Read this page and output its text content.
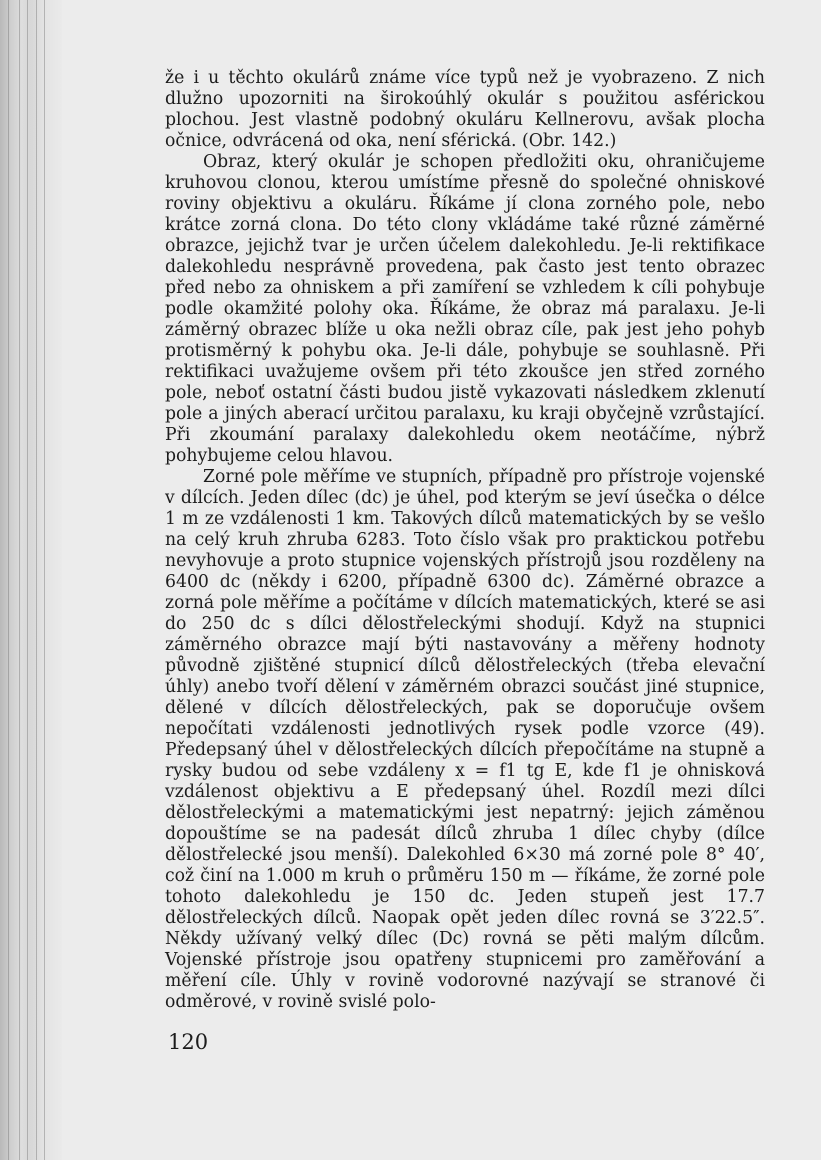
že i u těchto okulárů známe více typů než je vyobrazeno. Z nich dlužno upozorniti na širokoúhlý okulár s použitou asférickou plochou. Jest vlastně podobný okuláru Kellnerovu, avšak plocha očnice, odvrácená od oka, není sférická. (Obr. 142.)

Obraz, který okulár je schopen předložiti oku, ohraničujeme kruhovou clonou, kterou umístíme přesně do společné ohniskové roviny objektivu a okuláru. Říkáme jí clona zorného pole, nebo krátce zorná clona. Do této clony vkládáme také různé záměrné obrazce, jejichž tvar je určen účelem dalekohledu. Je-li rektifikace dalekohledu nesprávně provedena, pak často jest tento obrazec před nebo za ohniskem a při zamíření se vzhledem k cíli pohybuje podle okamžité polohy oka. Říkáme, že obraz má paralaxu. Je-li záměrný obrazec blíže u oka nežli obraz cíle, pak jest jeho pohyb protisměrný k pohybu oka. Je-li dále, pohybuje se souhlasně. Při rektifikaci uvažujeme ovšem při této zkoušce jen střed zorného pole, neboť ostatní části budou jistě vykazovati následkem zklenutí pole a jiných aberací určitou paralaxu, ku kraji obyčejně vzrůstající. Při zkoumání paralaxy dalekohledu okem neotáčíme, nýbrž pohybujeme celou hlavou.

Zorné pole měříme ve stupních, případně pro přístroje vojenské v dílcích. Jeden dílec (dc) je úhel, pod kterým se jeví úsečka o délce 1 m ze vzdálenosti 1 km. Takových dílců matematických by se vešlo na celý kruh zhruba 6283. Toto číslo však pro praktickou potřebu nevyhovuje a proto stupnice vojenských přístrojů jsou rozděleny na 6400 dc (někdy i 6200, případně 6300 dc). Záměrné obrazce a zorná pole měříme a počítáme v dílcích matematických, které se asi do 250 dc s dílci dělostřeleckými shodují. Když na stupnici záměrného obrazce mají býti nastavovány a měřeny hodnoty původně zjištěné stupnicí dílců dělostřeleckých (třeba elevační úhly) anebo tvoří dělení v záměrném obrazci součást jiné stupnice, dělené v dílcích dělostřeleckých, pak se doporučuje ovšem nepočítati vzdálenosti jednotlivých rysek podle vzorce (49). Předepsaný úhel v dělostřeleckých dílcích přepočítáme na stupně a rysky budou od sebe vzdáleny x = f1 tg E, kde f1 je ohnisková vzdálenost objektivu a E předepsaný úhel. Rozdíl mezi dílci dělostřeleckými a matematickými jest nepatrný: jejich záměnou dopouštíme se na padesát dílců zhruba 1 dílec chyby (dílce dělostřelecké jsou menší). Dalekohled 6×30 má zorné pole 8° 40′, což činí na 1.000 m kruh o průměru 150 m — říkáme, že zorné pole tohoto dalekohledu je 150 dc. Jeden stupeň jest 17.7 dělostřeleckých dílců. Naopak opět jeden dílec rovná se 3′22.5″. Někdy užívaný velký dílec (Dc) rovná se pěti malým dílcům. Vojenské přístroje jsou opatřeny stupnicemi pro zaměřování a měření cíle. Úhly v rovině vodorovné nazývají se stranové či odměrové, v rovině svislé polo-

120
